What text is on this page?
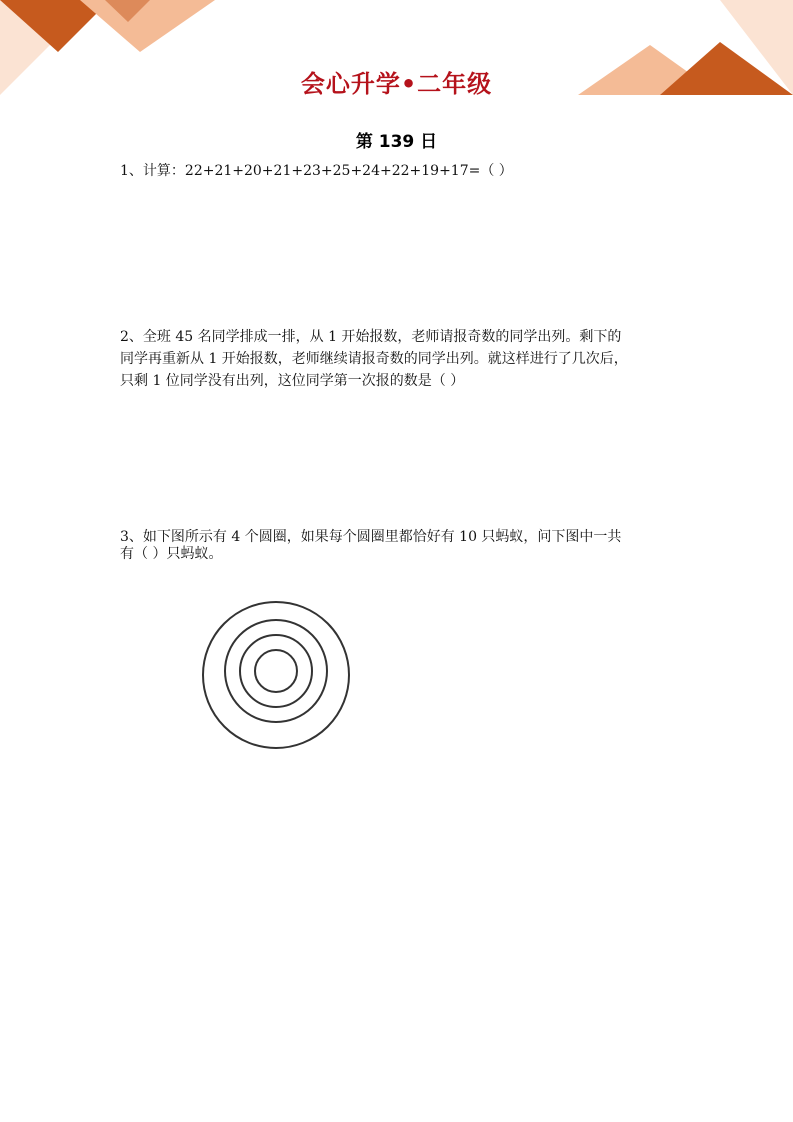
会心升学•二年级
第 139 日
1、计算：22+21+20+21+23+25+24+22+19+17=（ ）
2、全班 45 名同学排成一排，从 1 开始报数，老师请报奇数的同学出列。剩下的
同学再重新从 1 开始报数，老师继续请报奇数的同学出列。就这样进行了几次后，
只剩 1 位同学没有出列，这位同学第一次报的数是（ ）
3、如下图所示有 4 个圆圈，如果每个圆圈里都恰好有 10 只蚂蚁，问下图中一共
有（ ）只蚂蚁。
